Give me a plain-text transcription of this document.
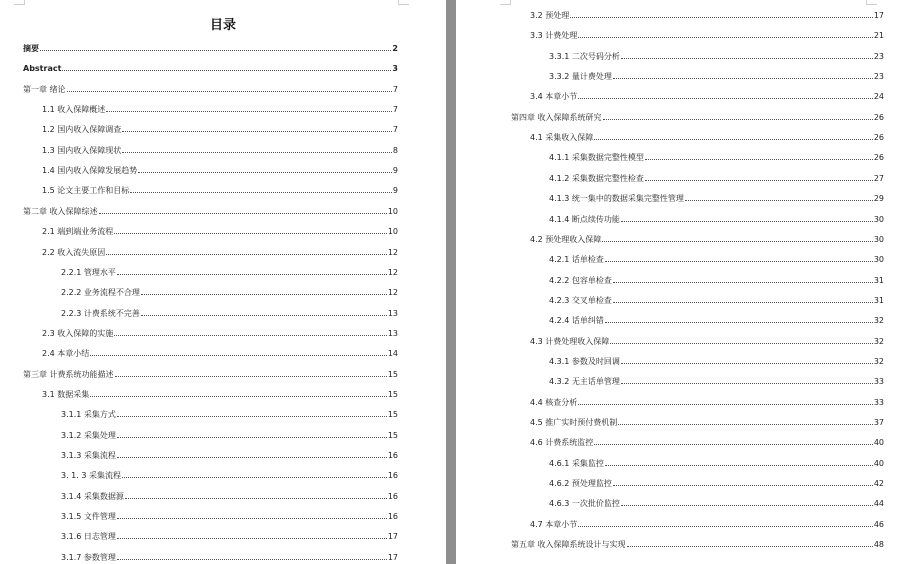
目录
摘要	2
Abstract	3
第一章 绪论	7
1.1 收入保障概述	7
1.2 国内收入保障调查	7
1.3 国内收入保障现状	8
1.4 国内收入保障发展趋势	9
1.5 论文主要工作和目标	9
第二章 收入保障综述	10
2.1 端到端业务流程	10
2.2 收入流失原因	12
2.2.1 管理水平	12
2.2.2 业务流程不合理	12
2.2.3 计费系统不完善	13
2.3 收入保障的实施	13
2.4 本章小结	14
第三章 计费系统功能描述	15
3.1 数据采集	15
3.1.1 采集方式	15
3.1.2 采集处理	15
3.1.3 采集流程	16
3. 1. 3 采集流程	16
3.1.4 采集数据源	16
3.1.5 文件管理	16
3.1.6 日志管理	17
3.1.7 参数管理	17
3.2 预处理	17
3.3 计费处理	21
3.3.1 二次号码分析	23
3.3.2 量计费处理	23
3.4 本章小节	24
第四章 收入保障系统研究	26
4.1 采集收入保障	26
4.1.1 采集数据完整性模型	26
4.1.2 采集数据完整性检查	27
4.1.3 统一集中的数据采集完整性管理	29
4.1.4 断点续传功能	30
4.2 预处理收入保障	30
4.2.1 话单检查	30
4.2.2 包容单检查	31
4.2.3 交叉单检查	31
4.2.4 话单纠错	32
4.3 计费处理收入保障	32
4.3.1 参数及时回调	32
4.3.2 无主话单管理	33
4.4 核查分析	33
4.5 推广实时预付费机制	37
4.6 计费系统监控	40
4.6.1 采集监控	40
4.6.2 预处理监控	42
4.6.3 一次批价监控	44
4.7 本章小节	46
第五章 收入保障系统设计与实现	48
